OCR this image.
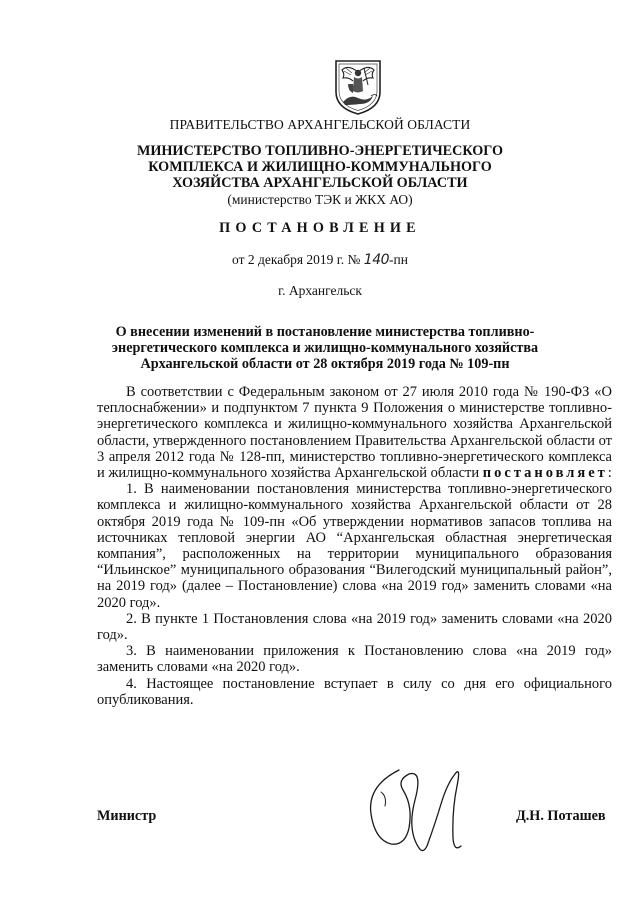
ПРАВИТЕЛЬСТВО АРХАНГЕЛЬСКОЙ ОБЛАСТИ
МИНИСТЕРСТВО ТОПЛИВНО-ЭНЕРГЕТИЧЕСКОГО
КОМПЛЕКСА И ЖИЛИЩНО-КОММУНАЛЬНОГО
ХОЗЯЙСТВА АРХАНГЕЛЬСКОЙ ОБЛАСТИ
(министерство ТЭК и ЖКХ АО)
ПОСТАНОВЛЕНИЕ
от 2 декабря 2019 г. № 140-пн
г. Архангельск
О внесении изменений в постановление министерства топливно-
энергетического комплекса и жилищно-коммунального хозяйства
Архангельской области от 28 октября 2019 года № 109-пн

В соответствии с Федеральным законом от 27 июля 2010 года № 190-ФЗ «О теплоснабжении» и подпунктом 7 пункта 9 Положения о министерстве топливно-энергетического комплекса и жилищно-коммунального хозяйства Архангельской области, утвержденного постановлением Правительства Архангельской области от 3 апреля 2012 года № 128-пп, министерство топливно-энергетического комплекса и жилищно-коммунального хозяйства Архангельской области постановляет:

1. В наименовании постановления министерства топливно-энергетического комплекса и жилищно-коммунального хозяйства Архангельской области от 28 октября 2019 года № 109-пн «Об утверждении нормативов запасов топлива на источниках тепловой энергии АО “Архангельская областная энергетическая компания”, расположенных на территории муниципального образования “Ильинское” муниципального образования “Вилегодский муниципальный район”, на 2019 год» (далее – Постановление) слова «на 2019 год» заменить словами «на 2020 год».

2. В пункте 1 Постановления слова «на 2019 год» заменить словами «на 2020 год».

3. В наименовании приложения к Постановлению слова «на 2019 год» заменить словами «на 2020 год».

4. Настоящее постановление вступает в силу со дня его официального опубликования.

Министр	Д.Н. Поташев
